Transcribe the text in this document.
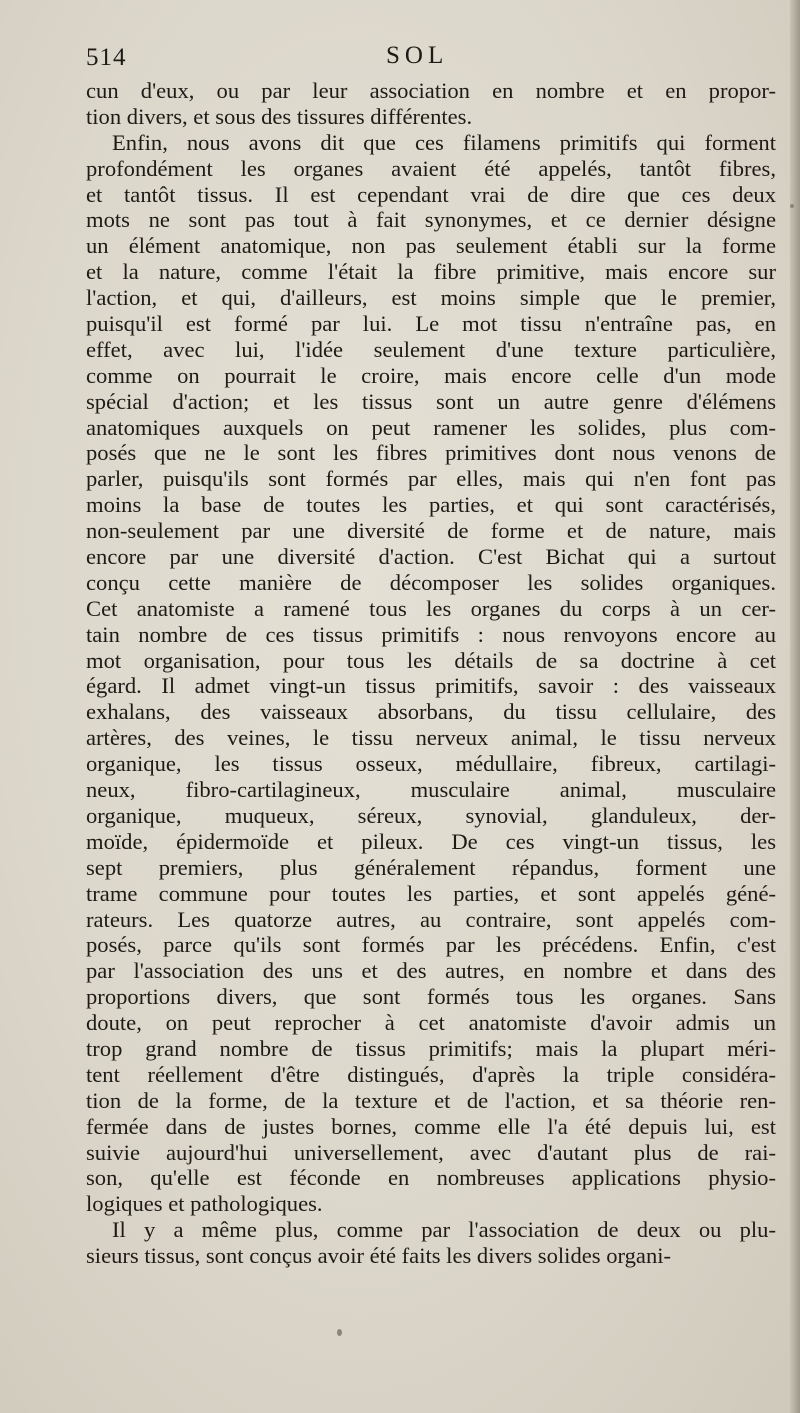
514	SOL
cun d'eux, ou par leur association en nombre et en propor-
tion divers, et sous des tissures différentes.
Enfin, nous avons dit que ces filamens primitifs qui forment
profondément les organes avaient été appelés, tantôt fibres,
et tantôt tissus. Il est cependant vrai de dire que ces deux
mots ne sont pas tout à fait synonymes, et ce dernier désigne
un élément anatomique, non pas seulement établi sur la forme
et la nature, comme l'était la fibre primitive, mais encore sur
l'action, et qui, d'ailleurs, est moins simple que le premier,
puisqu'il est formé par lui. Le mot tissu n'entraîne pas, en
effet, avec lui, l'idée seulement d'une texture particulière,
comme on pourrait le croire, mais encore celle d'un mode
spécial d'action; et les tissus sont un autre genre d'élémens
anatomiques auxquels on peut ramener les solides, plus com-
posés que ne le sont les fibres primitives dont nous venons de
parler, puisqu'ils sont formés par elles, mais qui n'en font pas
moins la base de toutes les parties, et qui sont caractérisés,
non-seulement par une diversité de forme et de nature, mais
encore par une diversité d'action. C'est Bichat qui a surtout
conçu cette manière de décomposer les solides organiques.
Cet anatomiste a ramené tous les organes du corps à un cer-
tain nombre de ces tissus primitifs : nous renvoyons encore au
mot organisation, pour tous les détails de sa doctrine à cet
égard. Il admet vingt-un tissus primitifs, savoir : des vaisseaux
exhalans, des vaisseaux absorbans, du tissu cellulaire, des
artères, des veines, le tissu nerveux animal, le tissu nerveux
organique, les tissus osseux, médullaire, fibreux, cartilagi-
neux, fibro-cartilagineux, musculaire animal, musculaire
organique, muqueux, séreux, synovial, glanduleux, der-
moïde, épidermoïde et pileux. De ces vingt-un tissus, les
sept premiers, plus généralement répandus, forment une
trame commune pour toutes les parties, et sont appelés géné-
rateurs. Les quatorze autres, au contraire, sont appelés com-
posés, parce qu'ils sont formés par les précédens. Enfin, c'est
par l'association des uns et des autres, en nombre et dans des
proportions divers, que sont formés tous les organes. Sans
doute, on peut reprocher à cet anatomiste d'avoir admis un
trop grand nombre de tissus primitifs; mais la plupart méri-
tent réellement d'être distingués, d'après la triple considéra-
tion de la forme, de la texture et de l'action, et sa théorie ren-
fermée dans de justes bornes, comme elle l'a été depuis lui, est
suivie aujourd'hui universellement, avec d'autant plus de rai-
son, qu'elle est féconde en nombreuses applications physio-
logiques et pathologiques.
Il y a même plus, comme par l'association de deux ou plu-
sieurs tissus, sont conçus avoir été faits les divers solides organi-
